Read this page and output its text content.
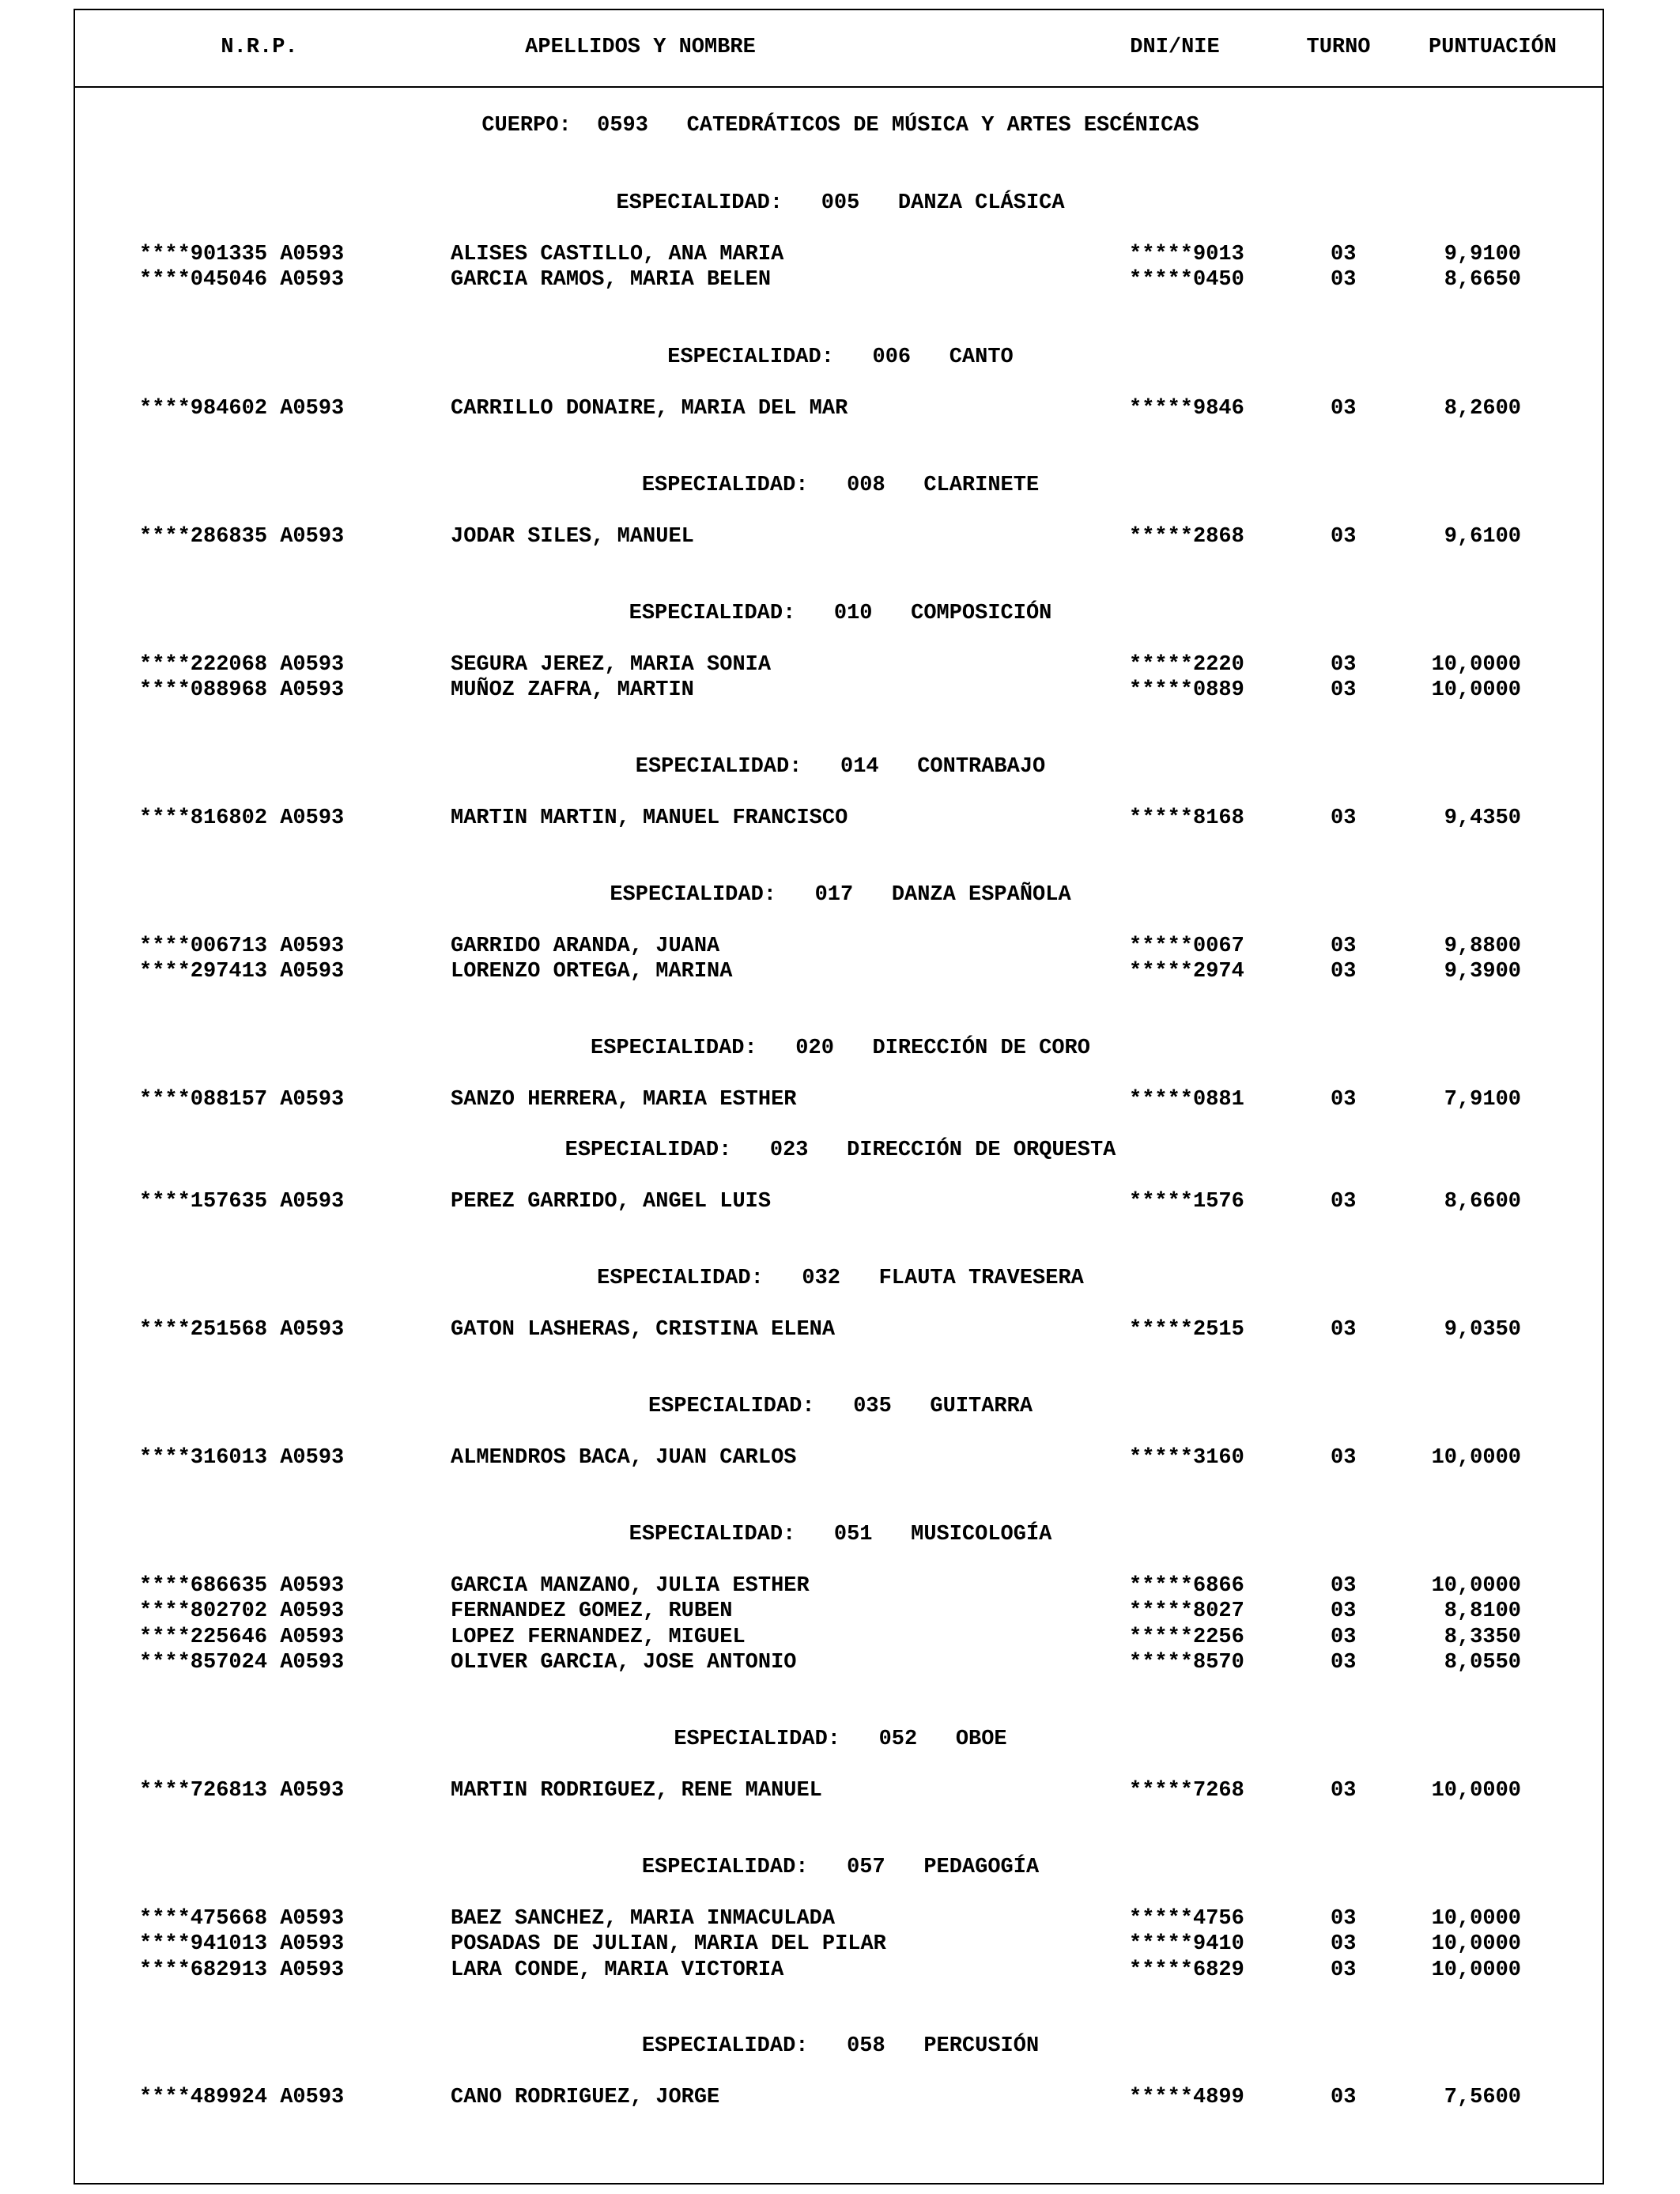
N.R.P.	APELLIDOS Y NOMBRE	DNI/NIE	TURNO	PUNTUACIÓN
CUERPO: 0593 CATEDRÁTICOS DE MÚSICA Y ARTES ESCÉNICAS
ESPECIALIDAD: 005 DANZA CLÁSICA
****901335 A0593	ALISES CASTILLO, ANA MARIA	*****9013	03	9,9100
****045046 A0593	GARCIA RAMOS, MARIA BELEN	*****0450	03	8,6650
ESPECIALIDAD: 006 CANTO
****984602 A0593	CARRILLO DONAIRE, MARIA DEL MAR	*****9846	03	8,2600
ESPECIALIDAD: 008 CLARINETE
****286835 A0593	JODAR SILES, MANUEL	*****2868	03	9,6100
ESPECIALIDAD: 010 COMPOSICIÓN
****222068 A0593	SEGURA JEREZ, MARIA SONIA	*****2220	03	10,0000
****088968 A0593	MUÑOZ ZAFRA, MARTIN	*****0889	03	10,0000
ESPECIALIDAD: 014 CONTRABAJO
****816802 A0593	MARTIN MARTIN, MANUEL FRANCISCO	*****8168	03	9,4350
ESPECIALIDAD: 017 DANZA ESPAÑOLA
****006713 A0593	GARRIDO ARANDA, JUANA	*****0067	03	9,8800
****297413 A0593	LORENZO ORTEGA, MARINA	*****2974	03	9,3900
ESPECIALIDAD: 020 DIRECCIÓN DE CORO
****088157 A0593	SANZO HERRERA, MARIA ESTHER	*****0881	03	7,9100
ESPECIALIDAD: 023 DIRECCIÓN DE ORQUESTA
****157635 A0593	PEREZ GARRIDO, ANGEL LUIS	*****1576	03	8,6600
ESPECIALIDAD: 032 FLAUTA TRAVESERA
****251568 A0593	GATON LASHERAS, CRISTINA ELENA	*****2515	03	9,0350
ESPECIALIDAD: 035 GUITARRA
****316013 A0593	ALMENDROS BACA, JUAN CARLOS	*****3160	03	10,0000
ESPECIALIDAD: 051 MUSICOLOGÍA
****686635 A0593	GARCIA MANZANO, JULIA ESTHER	*****6866	03	10,0000
****802702 A0593	FERNANDEZ GOMEZ, RUBEN	*****8027	03	8,8100
****225646 A0593	LOPEZ FERNANDEZ, MIGUEL	*****2256	03	8,3350
****857024 A0593	OLIVER GARCIA, JOSE ANTONIO	*****8570	03	8,0550
ESPECIALIDAD: 052 OBOE
****726813 A0593	MARTIN RODRIGUEZ, RENE MANUEL	*****7268	03	10,0000
ESPECIALIDAD: 057 PEDAGOGÍA
****475668 A0593	BAEZ SANCHEZ, MARIA INMACULADA	*****4756	03	10,0000
****941013 A0593	POSADAS DE JULIAN, MARIA DEL PILAR	*****9410	03	10,0000
****682913 A0593	LARA CONDE, MARIA VICTORIA	*****6829	03	10,0000
ESPECIALIDAD: 058 PERCUSIÓN
****489924 A0593	CANO RODRIGUEZ, JORGE	*****4899	03	7,5600
